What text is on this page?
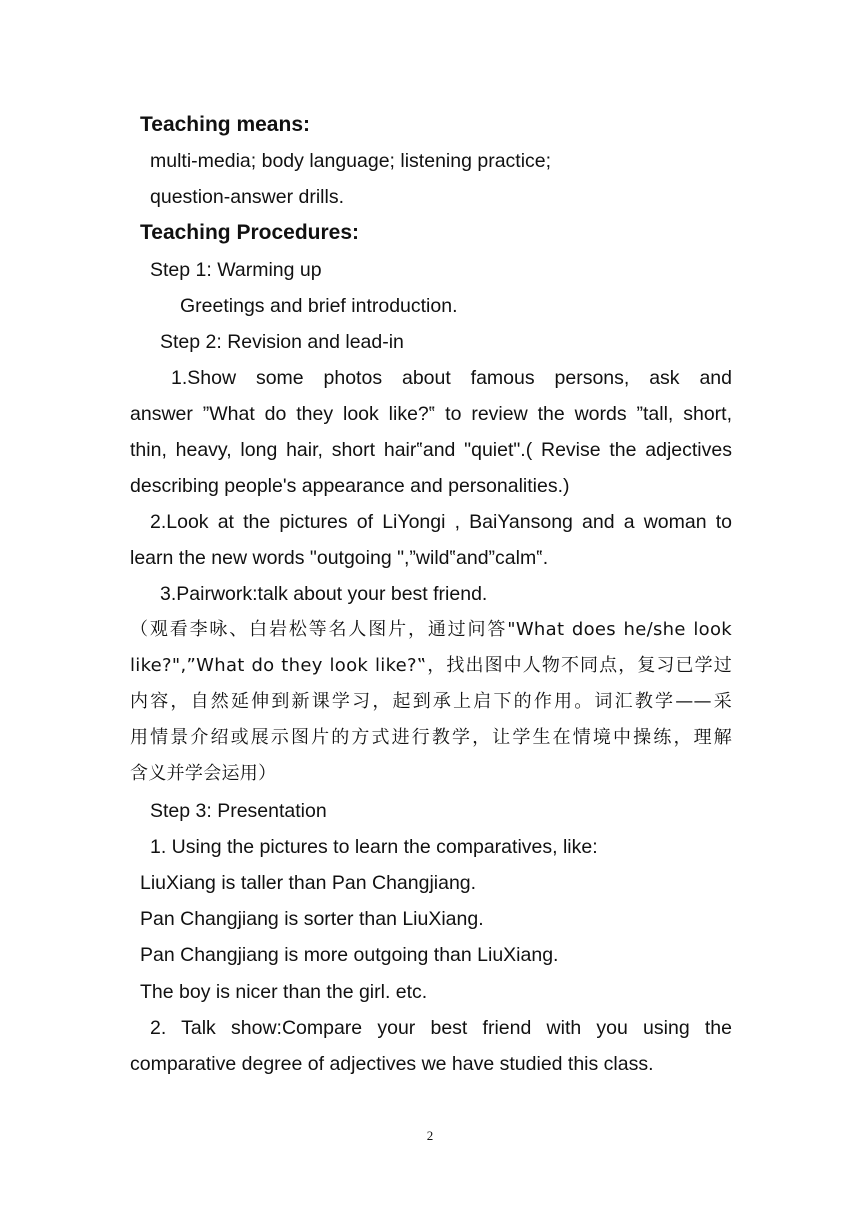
Teaching means:

multi-media; body language; listening practice;

question-answer drills.

Teaching Procedures:

Step 1: Warming up

Greetings and brief introduction.

Step 2: Revision and lead-in

1.Show some photos about famous persons, ask and

answer ”What do they look like?‟ to review the words ”tall, short,

thin, heavy, long hair, short hair‟and "quiet".( Revise the adjectives

describing people's appearance and personalities.)

2.Look at the pictures of LiYongi , BaiYansong and a woman to

learn the new words "outgoing ",”wild‟and”calm‟.

3.Pairwork:talk about your best friend.

（观看李咏、白岩松等名人图片，通过问答"What does he/she look

like?",”What do they look like?‟，找出图中人物不同点，复习已学过

内容，自然延伸到新课学习，起到承上启下的作用。词汇教学——采

用情景介绍或展示图片的方式进行教学，让学生在情境中操练，理解

含义并学会运用）

Step 3: Presentation

1. Using the pictures to learn the comparatives, like:

LiuXiang is taller than Pan Changjiang.

Pan Changjiang is sorter than LiuXiang.

Pan Changjiang is more outgoing than LiuXiang.

The boy is nicer than the girl. etc.

2. Talk show:Compare your best friend with you using the

comparative degree of adjectives we have studied this class.

2
